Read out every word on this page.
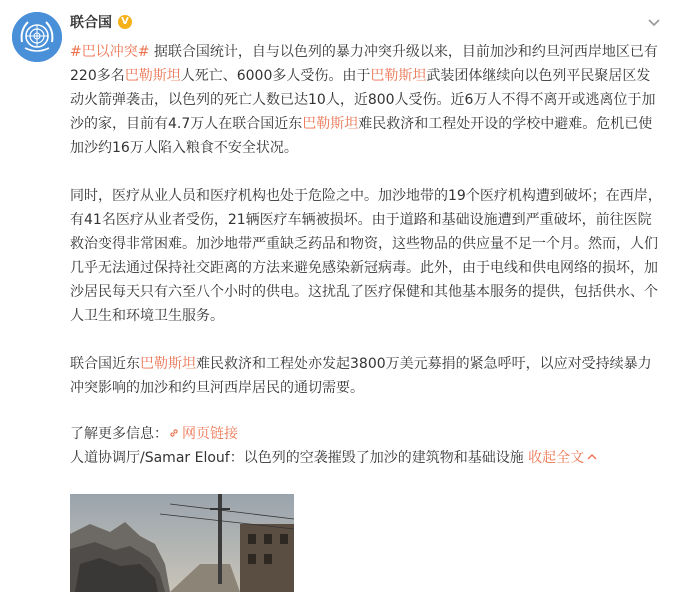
联合国 V

#巴以冲突# 据联合国统计，自与以色列的暴力冲突升级以来，目前加沙和约旦河西岸地区已有220多名巴勒斯坦人死亡、6000多人受伤。由于巴勒斯坦武装团体继续向以色列平民聚居区发动火箭弹袭击，以色列的死亡人数已达10人，近800人受伤。近6万人不得不离开或逃离位于加沙的家，目前有4.7万人在联合国近东巴勒斯坦难民救济和工程处开设的学校中避难。危机已使加沙约16万人陷入粮食不安全状况。

同时，医疗从业人员和医疗机构也处于危险之中。加沙地带的19个医疗机构遭到破坏；在西岸，有41名医疗从业者受伤，21辆医疗车辆被损坏。由于道路和基础设施遭到严重破坏，前往医院救治变得非常困难。加沙地带严重缺乏药品和物资，这些物品的供应量不足一个月。然而，人们几乎无法通过保持社交距离的方法来避免感染新冠病毒。此外，由于电线和供电网络的损坏，加沙居民每天只有六至八个小时的供电。这扰乱了医疗保健和其他基本服务的提供，包括供水、个人卫生和环境卫生服务。

联合国近东巴勒斯坦难民救济和工程处亦发起3800万美元募捐的紧急呼吁，以应对受持续暴力冲突影响的加沙和约旦河西岸居民的通切需要。

了解更多信息： 网页链接

人道协调厅/Samar Elouf：以色列的空袭摧毁了加沙的建筑物和基础设施 收起全文
